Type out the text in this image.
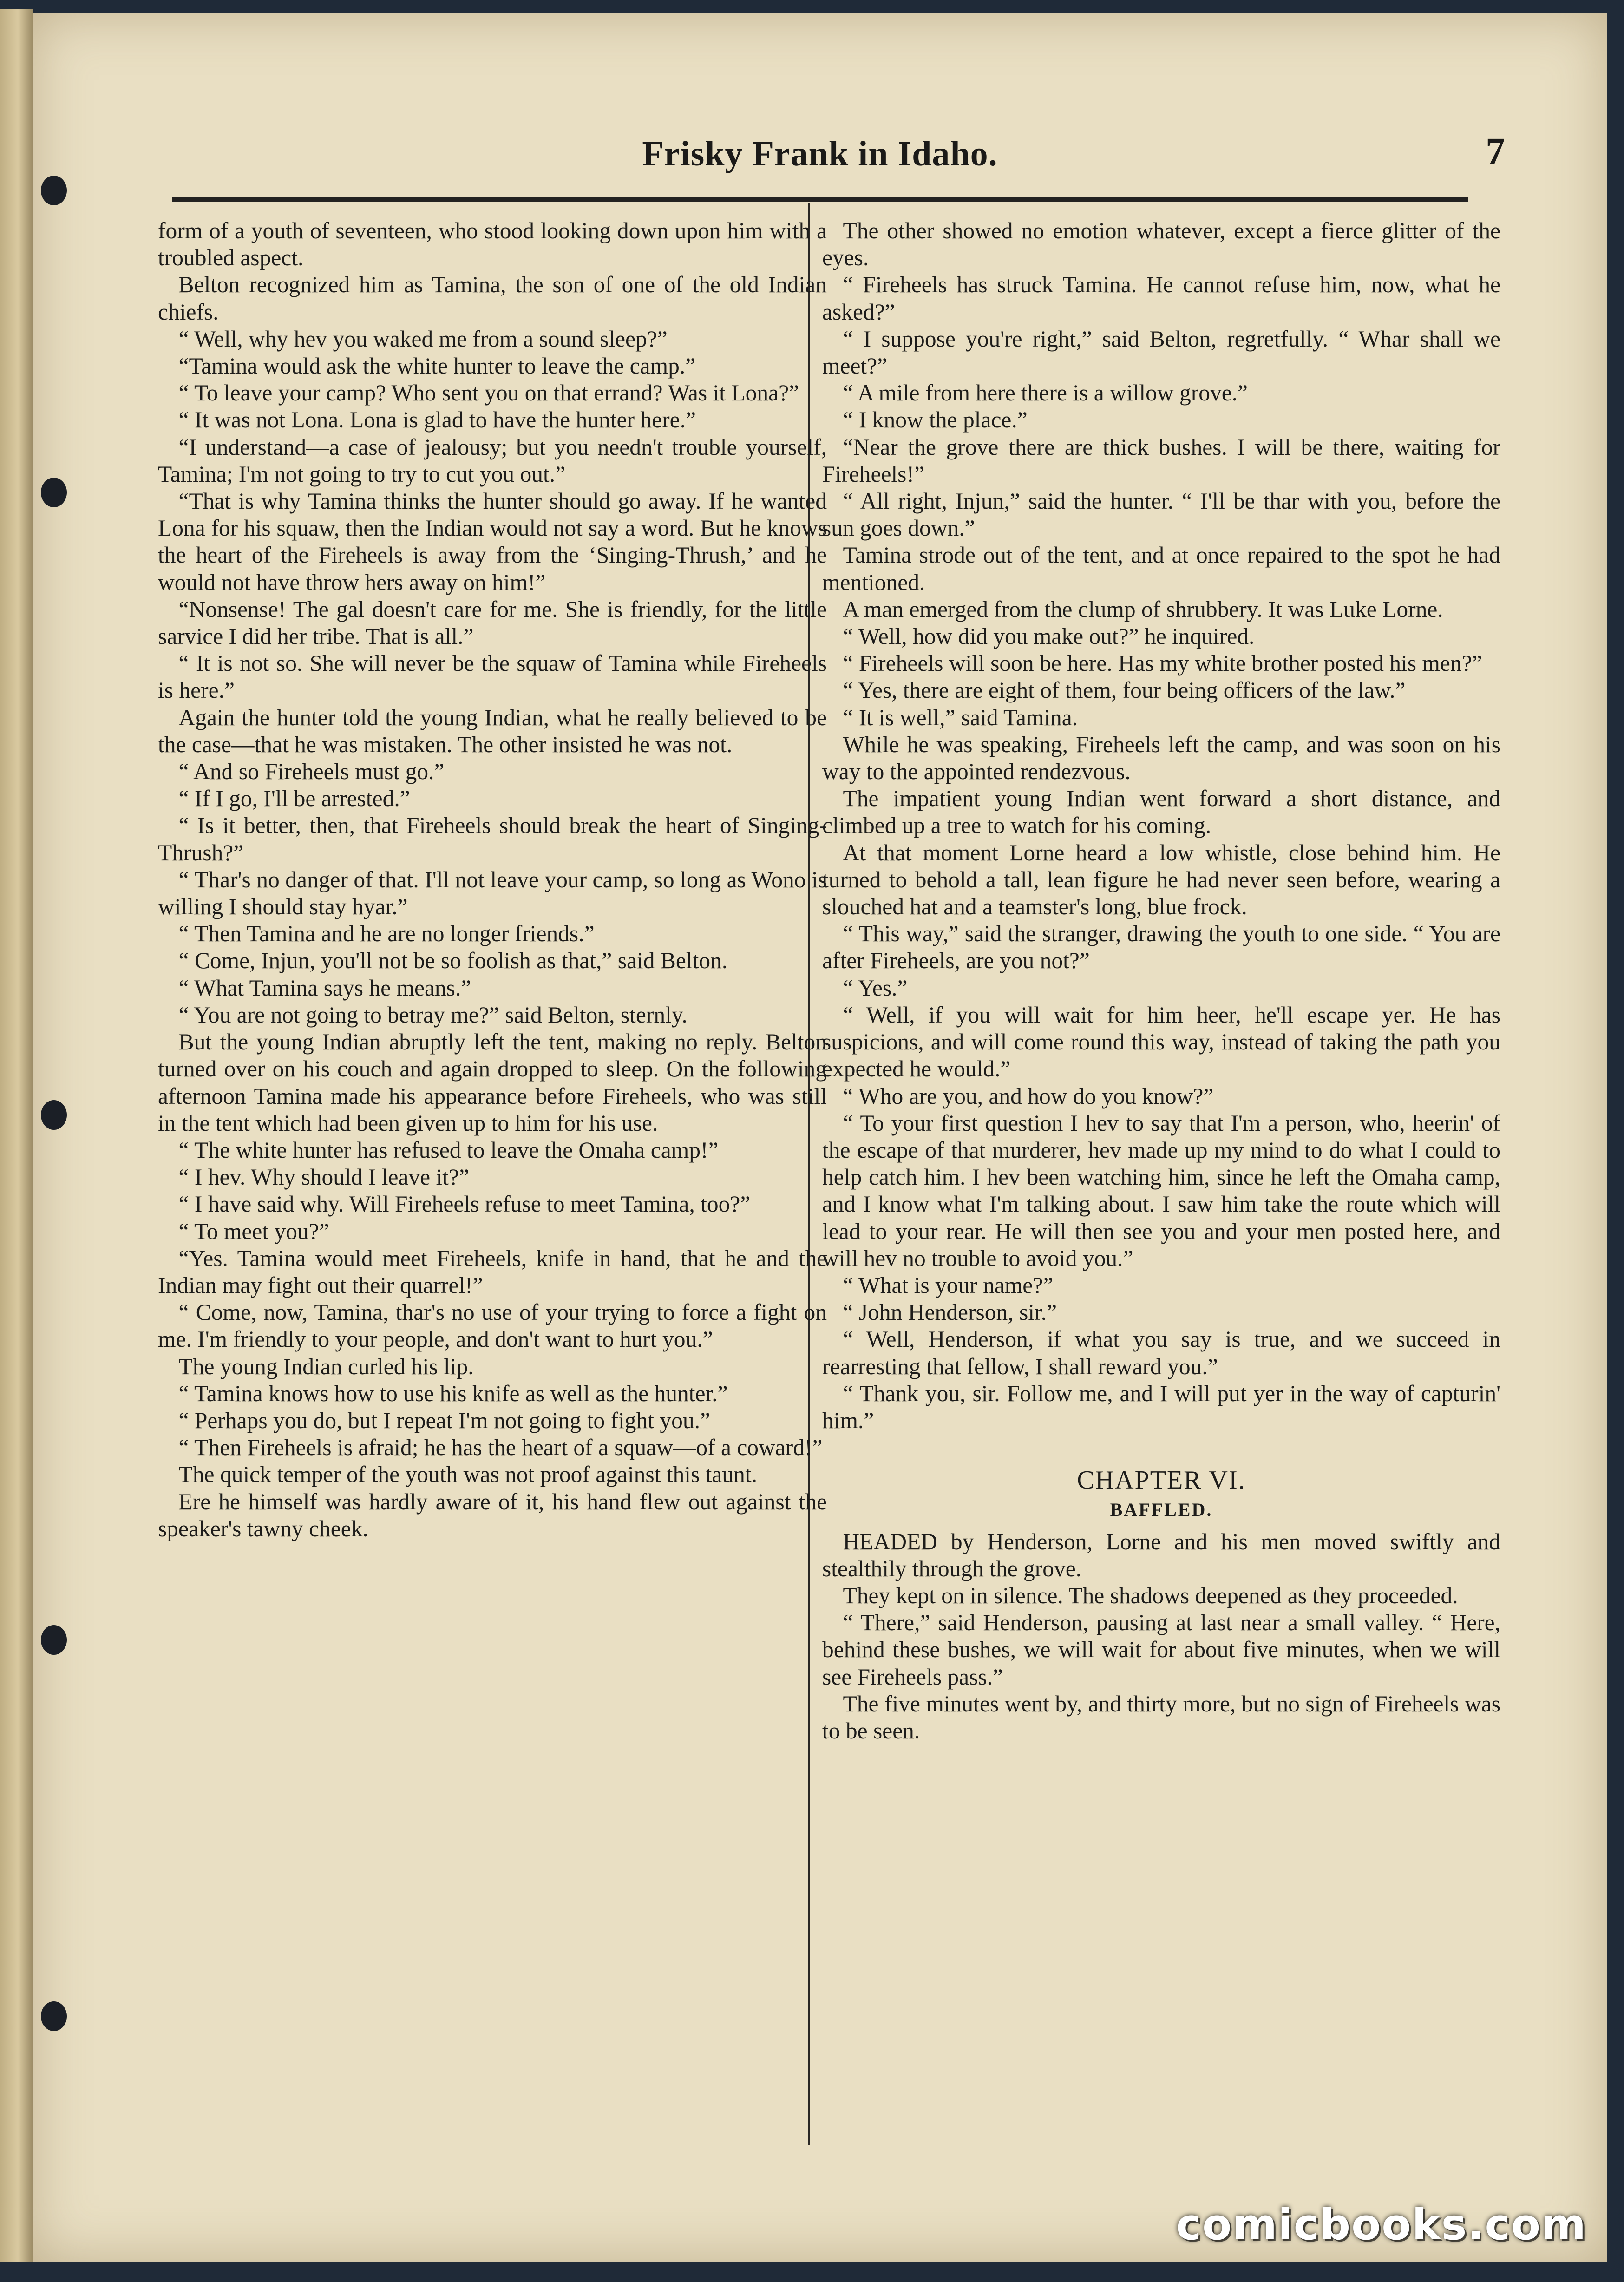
Frisky Frank in Idaho.	7

form of a youth of seventeen, who stood looking down upon him with a troubled aspect.

Belton recognized him as Tamina, the son of one of the old Indian chiefs.

“ Well, why hev you waked me from a sound sleep?”

“Tamina would ask the white hunter to leave the camp.”

“ To leave your camp? Who sent you on that errand? Was it Lona?”

“ It was not Lona. Lona is glad to have the hunter here.”

“I understand—a case of jealousy; but you needn't trouble yourself, Tamina; I'm not going to try to cut you out.”

“That is why Tamina thinks the hunter should go away. If he wanted Lona for his squaw, then the Indian would not say a word. But he knows the heart of the Fireheels is away from the ‘Singing-Thrush,’ and he would not have throw hers away on him!”

“Nonsense! The gal doesn't care for me. She is friendly, for the little sarvice I did her tribe. That is all.”

“ It is not so. She will never be the squaw of Tamina while Fireheels is here.”

Again the hunter told the young Indian, what he really believed to be the case—that he was mistaken. The other insisted he was not.

“ And so Fireheels must go.”

“ If I go, I'll be arrested.”

“ Is it better, then, that Fireheels should break the heart of Singing-Thrush?”

“ Thar's no danger of that. I'll not leave your camp, so long as Wono is willing I should stay hyar.”

“ Then Tamina and he are no longer friends.”

“ Come, Injun, you'll not be so foolish as that,” said Belton.

“ What Tamina says he means.”

“ You are not going to betray me?” said Belton, sternly.

But the young Indian abruptly left the tent, making no reply. Belton turned over on his couch and again dropped to sleep. On the following afternoon Tamina made his appearance before Fireheels, who was still in the tent which had been given up to him for his use.

“ The white hunter has refused to leave the Omaha camp!”

“ I hev. Why should I leave it?”

“ I have said why. Will Fireheels refuse to meet Tamina, too?”

“ To meet you?”

“Yes. Tamina would meet Fireheels, knife in hand, that he and the Indian may fight out their quarrel!”

“ Come, now, Tamina, thar's no use of your trying to force a fight on me. I'm friendly to your people, and don't want to hurt you.”

The young Indian curled his lip.

“ Tamina knows how to use his knife as well as the hunter.”

“ Perhaps you do, but I repeat I'm not going to fight you.”

“ Then Fireheels is afraid; he has the heart of a squaw—of a coward!”

The quick temper of the youth was not proof against this taunt.

Ere he himself was hardly aware of it, his hand flew out against the speaker's tawny cheek.

The other showed no emotion whatever, except a fierce glitter of the eyes.

“ Fireheels has struck Tamina. He cannot refuse him, now, what he asked?”

“ I suppose you're right,” said Belton, regretfully. “ Whar shall we meet?”

“ A mile from here there is a willow grove.”

“ I know the place.”

“Near the grove there are thick bushes. I will be there, waiting for Fireheels!”

“ All right, Injun,” said the hunter. “ I'll be thar with you, before the sun goes down.”

Tamina strode out of the tent, and at once repaired to the spot he had mentioned.

A man emerged from the clump of shrubbery. It was Luke Lorne.

“ Well, how did you make out?” he inquired.

“ Fireheels will soon be here. Has my white brother posted his men?”

“ Yes, there are eight of them, four being officers of the law.”

“ It is well,” said Tamina.

While he was speaking, Fireheels left the camp, and was soon on his way to the appointed rendezvous.

The impatient young Indian went forward a short distance, and climbed up a tree to watch for his coming.

At that moment Lorne heard a low whistle, close behind him. He turned to behold a tall, lean figure he had never seen before, wearing a slouched hat and a teamster's long, blue frock.

“ This way,” said the stranger, drawing the youth to one side. “ You are after Fireheels, are you not?”

“ Yes.”

“ Well, if you will wait for him heer, he'll escape yer. He has suspicions, and will come round this way, instead of taking the path you expected he would.”

“ Who are you, and how do you know?”

“ To your first question I hev to say that I'm a person, who, heerin' of the escape of that murderer, hev made up my mind to do what I could to help catch him. I hev been watching him, since he left the Omaha camp, and I know what I'm talking about. I saw him take the route which will lead to your rear. He will then see you and your men posted here, and will hev no trouble to avoid you.”

“ What is your name?”

“ John Henderson, sir.”

“ Well, Henderson, if what you say is true, and we succeed in rearresting that fellow, I shall reward you.”

“ Thank you, sir. Follow me, and I will put yer in the way of capturin' him.”

CHAPTER VI.

BAFFLED.

HEADED by Henderson, Lorne and his men moved swiftly and stealthily through the grove.

They kept on in silence. The shadows deepened as they proceeded.

“ There,” said Henderson, pausing at last near a small valley. “ Here, behind these bushes, we will wait for about five minutes, when we will see Fireheels pass.”

The five minutes went by, and thirty more, but no sign of Fireheels was to be seen.

comicbooks.com
